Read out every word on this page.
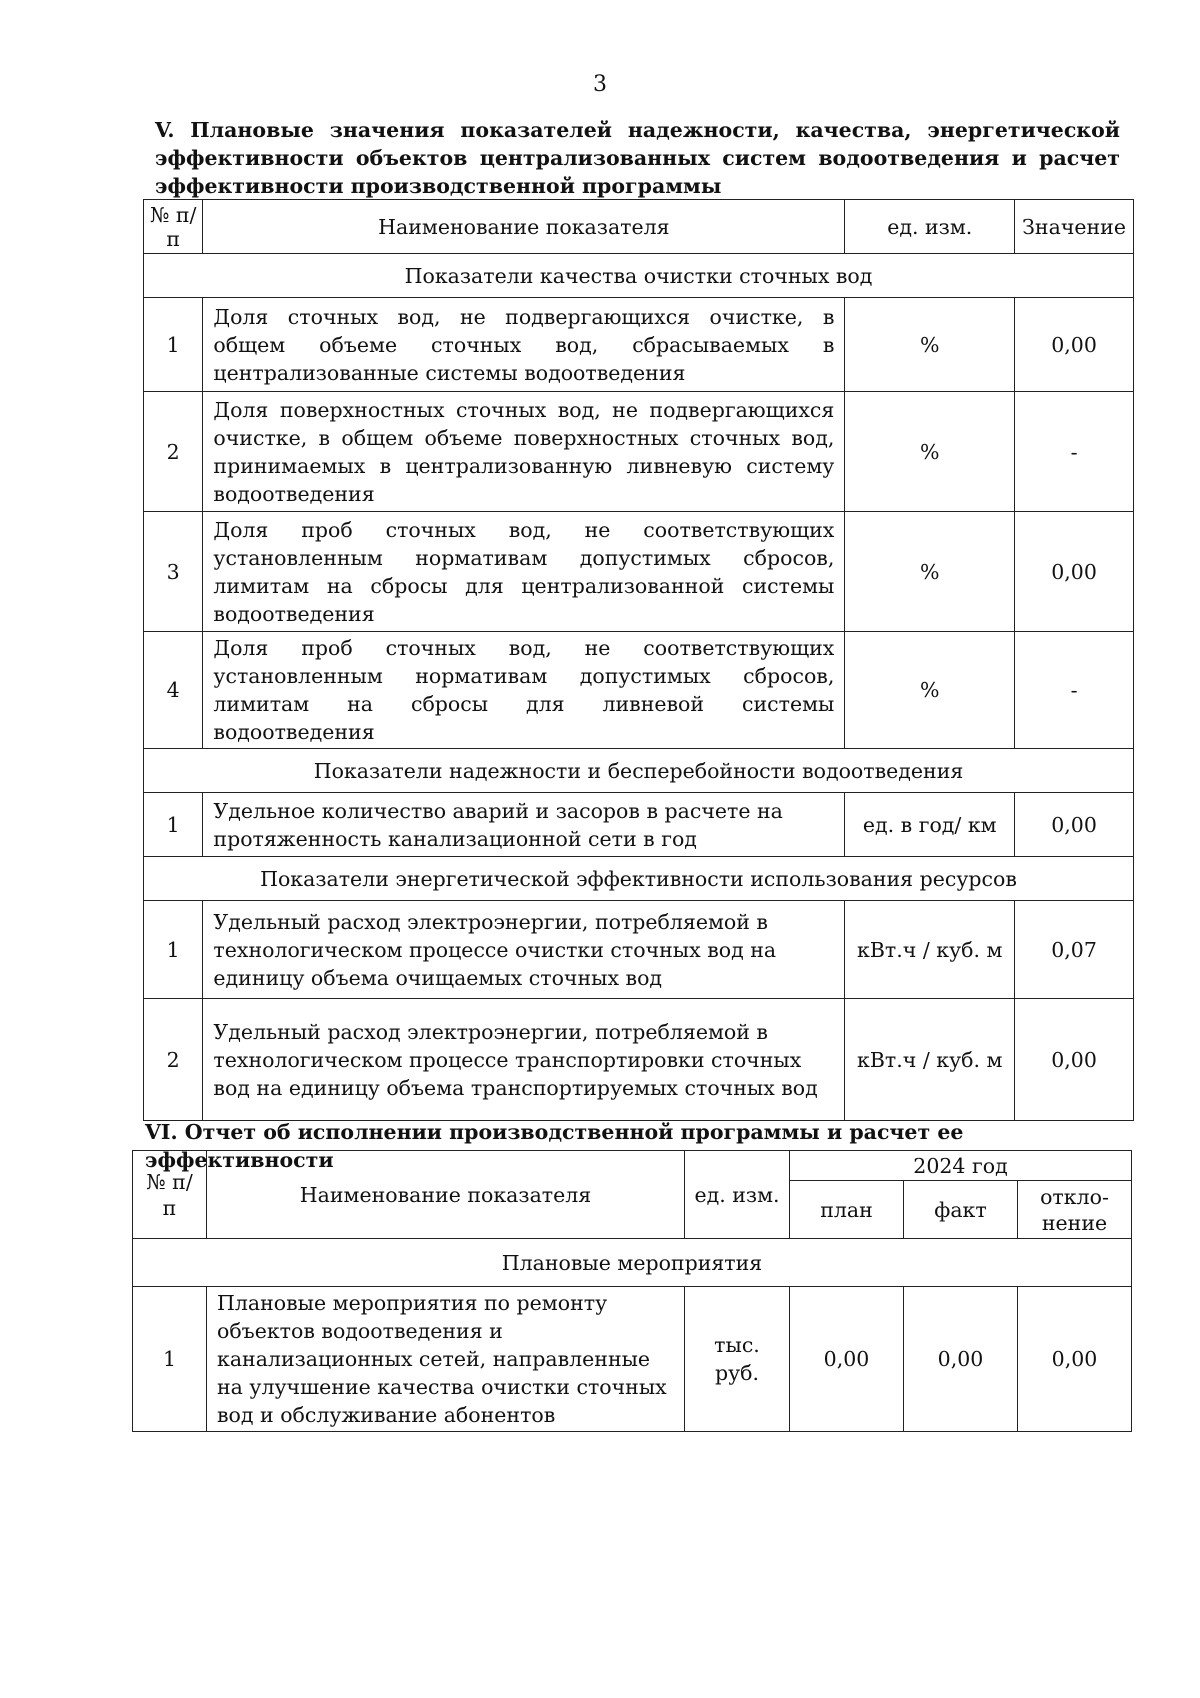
3
V. Плановые значения показателей надежности, качества, энергетической эффективности объектов централизованных систем водоотведения и расчет эффективности производственной программы
№ п/п	Наименование показателя	ед. изм.	Значение
Показатели качества очистки сточных вод			
1	Доля сточных вод, не подвергающихся очистке, в общем объеме сточных вод, сбрасываемых в централизованные системы водоотведения	%	0,00
2	Доля поверхностных сточных вод, не подвергающихся очистке, в общем объеме поверхностных сточных вод, принимаемых в централизованную ливневую систему водоотведения	%	-
3	Доля проб сточных вод, не соответствующих установленным нормативам допустимых сбросов, лимитам на сбросы для централизованной системы водоотведения	%	0,00
4	Доля проб сточных вод, не соответствующих установленным нормативам допустимых сбросов, лимитам на сбросы для ливневой системы водоотведения	%	-
Показатели надежности и бесперебойности водоотведения			
1	Удельное количество аварий и засоров в расчете на протяженность канализационной сети в год	ед. в год/ км	0,00
Показатели энергетической эффективности использования ресурсов			
1	Удельный расход электроэнергии, потребляемой в технологическом процессе очистки сточных вод на единицу объема очищаемых сточных вод	кВт.ч / куб. м	0,07
2	Удельный расход электроэнергии, потребляемой в технологическом процессе транспортировки сточных вод на единицу объема транспортируемых сточных вод	кВт.ч / куб. м	0,00
VI. Отчет об исполнении производственной программы и расчет ее эффективности
№ п/п	Наименование показателя	ед. изм.	2024 год		
			план	факт	откло-нение
Плановые мероприятия					
1	Плановые мероприятия по ремонту объектов водоотведения и канализационных сетей, направленные на улучшение качества очистки сточных вод и обслуживание абонентов	тыс. руб.	0,00	0,00	0,00
